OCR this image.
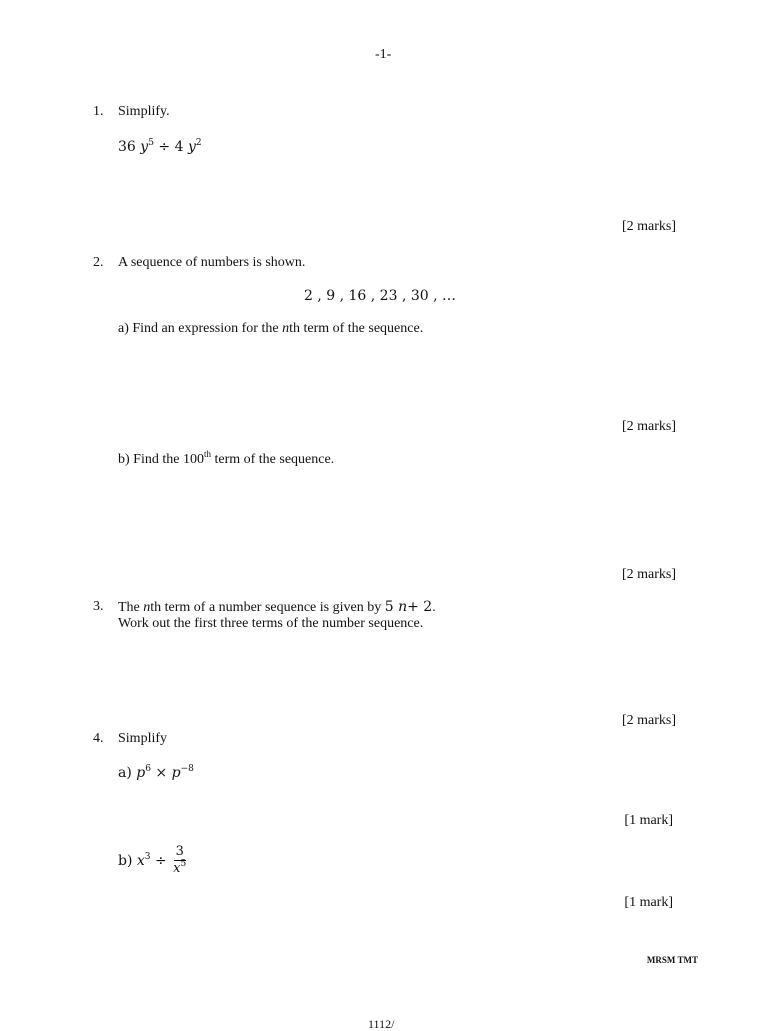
-1-
1. Simplify.
36 $y^5 \div 4$ $y^2$
[2 marks]
2. A sequence of numbers is shown.
2 , 9 , 16 , 23 , 30 , …
a) Find an expression for the nth term of the sequence.
[2 marks]
b) Find the 100th term of the sequence.
[2 marks]
3. The nth term of a number sequence is given by 5 n+ 2.
Work out the first three terms of the number sequence.
[2 marks]
4. Simplify
a) $p^6 \times p^{-8}$
[1 mark]
b) $x^3 \div \frac{3}{x^5}$
[1 mark]
MRSM TMT
1112/
